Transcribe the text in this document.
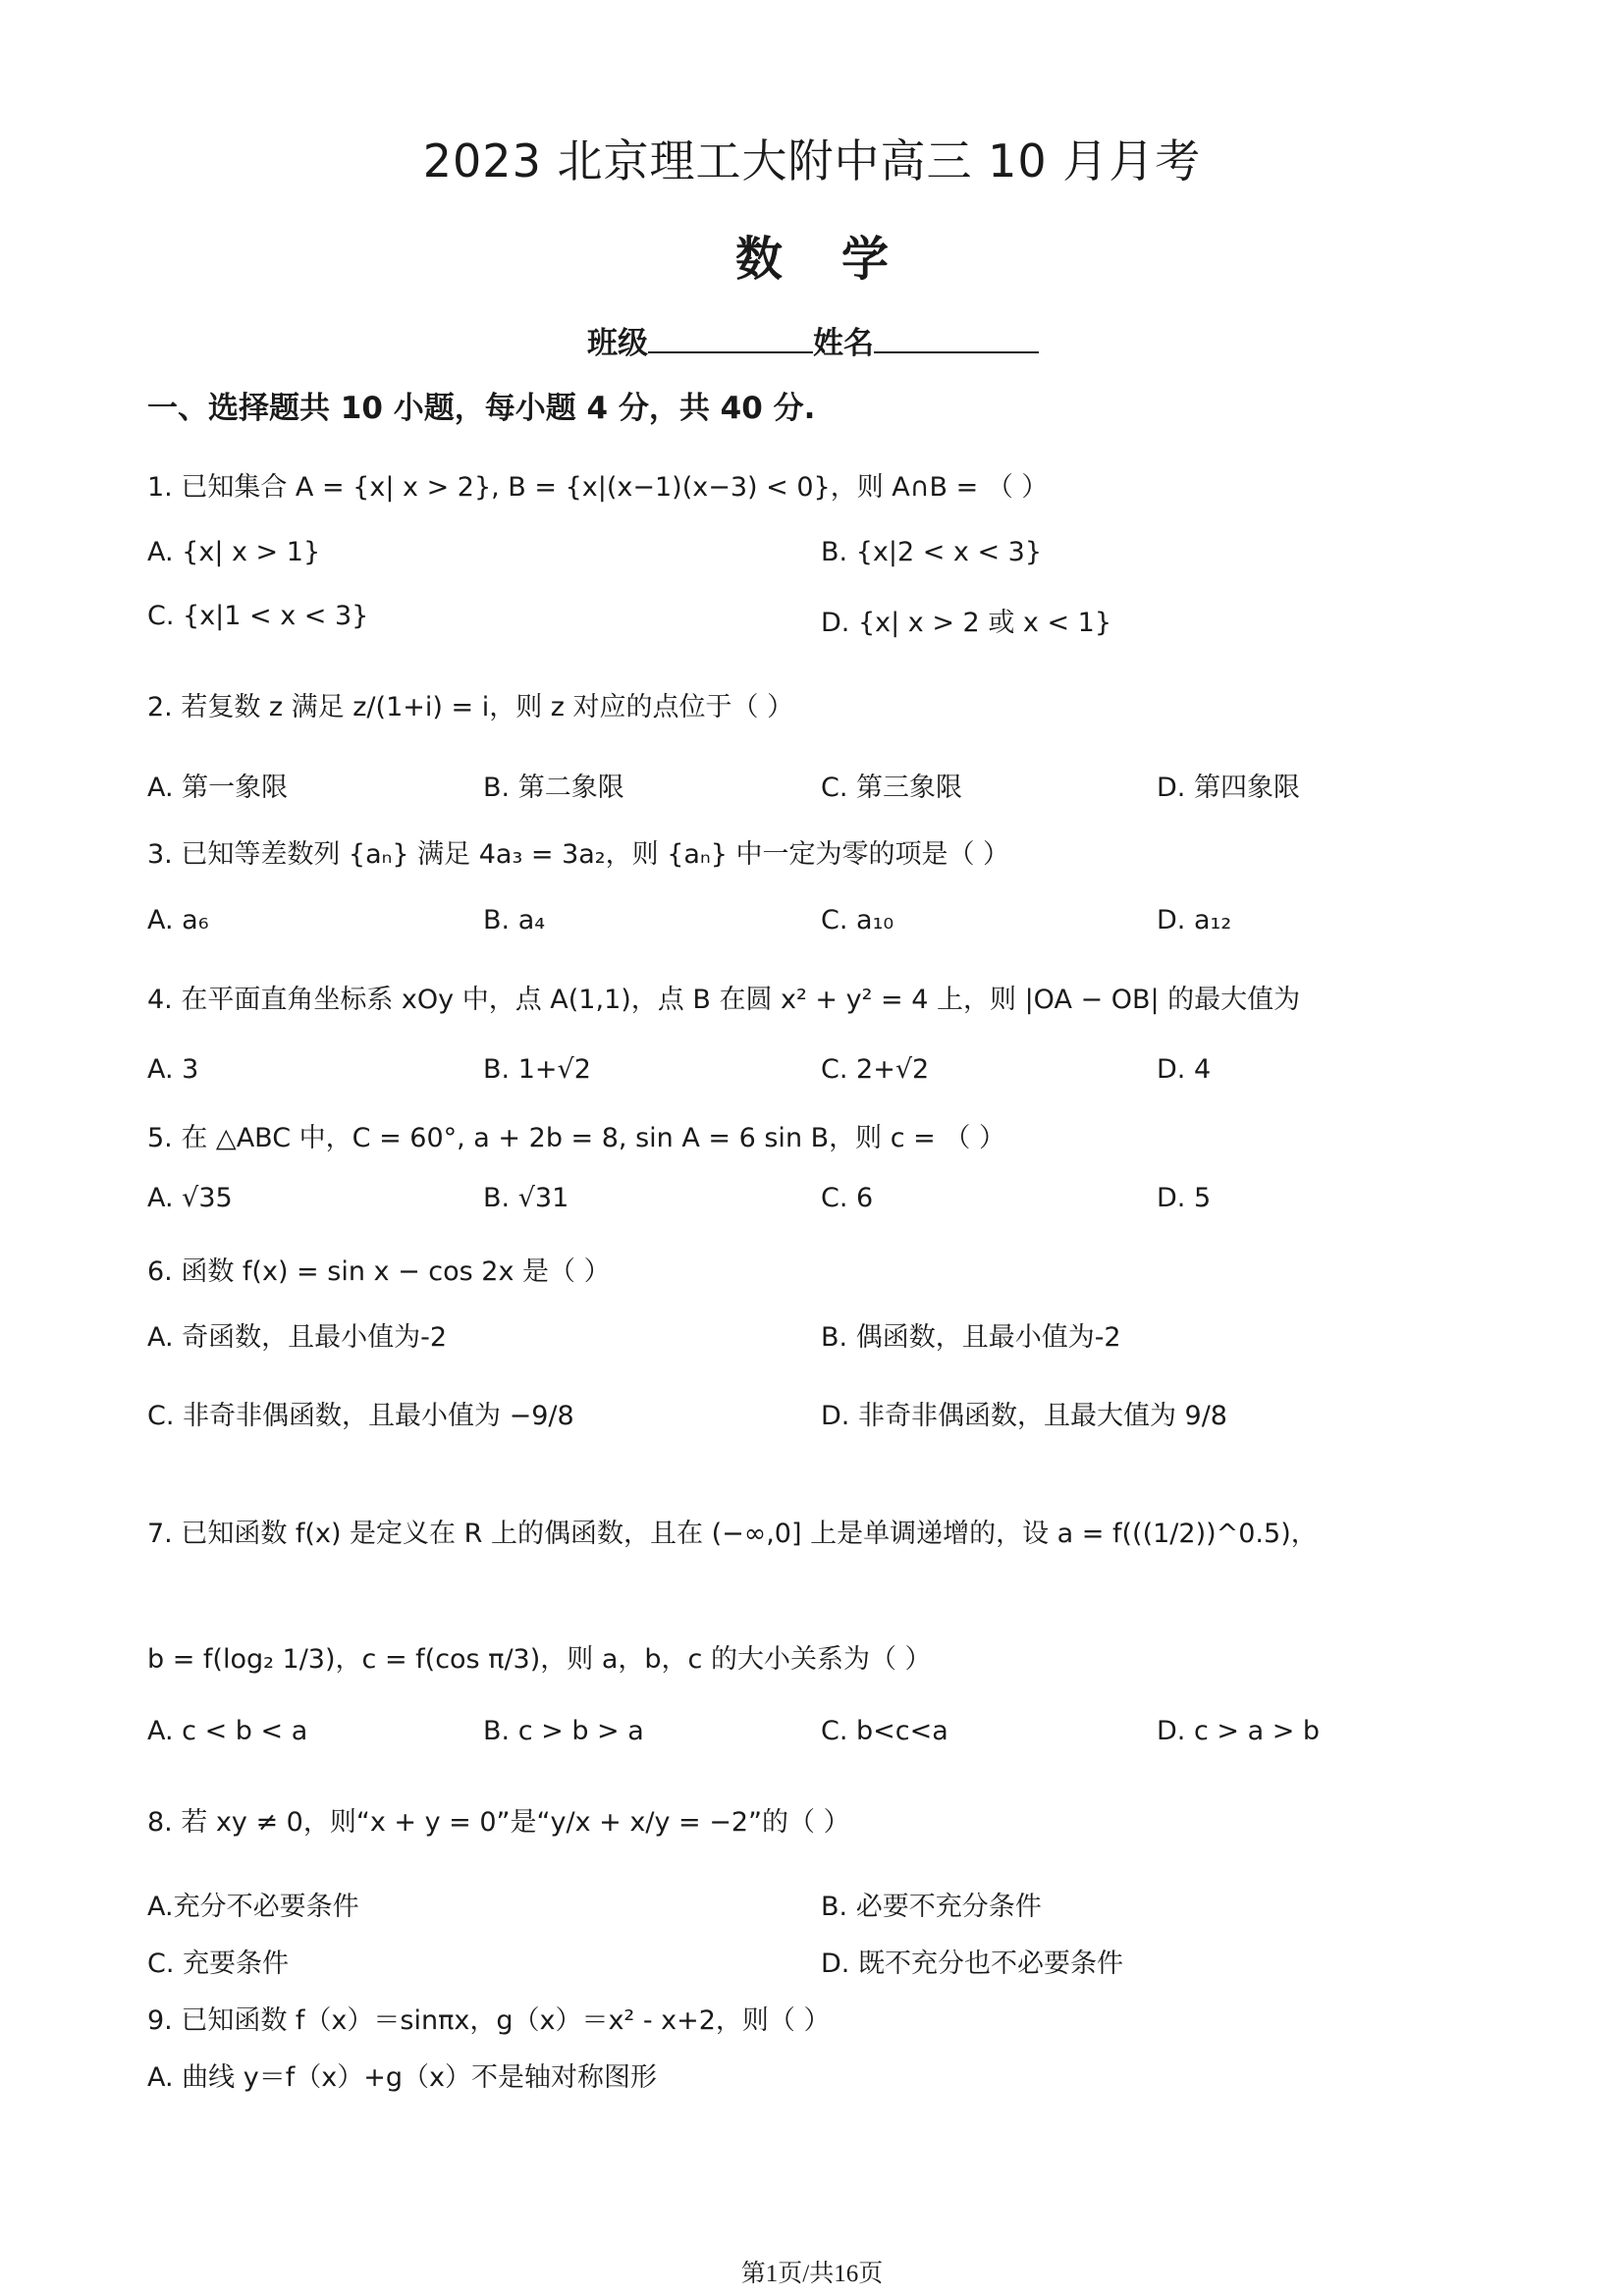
2023 北京理工大附中高三 10 月月考
数学
班级	姓名
一、选择题共 10 小题，每小题 4 分，共 40 分.
1. 已知集合 A = {x| x > 2}, B = {x|(x−1)(x−3) < 0}，则 A∩B = （ ）
A. {x| x > 1}	B. {x|2 < x < 3}
C. {x|1 < x < 3}	D. {x| x > 2 或 x < 1}
2. 若复数 z 满足 z/(1+i) = i，则 z 对应的点位于（ ）
A. 第一象限	B. 第二象限	C. 第三象限	D. 第四象限
3. 已知等差数列 {aₙ} 满足 4a₃ = 3a₂，则 {aₙ} 中一定为零的项是（ ）
A. a₆	B. a₄	C. a₁₀	D. a₁₂
4. 在平面直角坐标系 xOy 中，点 A(1,1)，点 B 在圆 x² + y² = 4 上，则 |OA − OB| 的最大值为
A. 3	B. 1+√2	C. 2+√2	D. 4
5. 在 △ABC 中，C = 60°, a + 2b = 8, sin A = 6 sin B，则 c = （ ）
A. √35	B. √31	C. 6	D. 5
6. 函数 f(x) = sin x − cos 2x 是（ ）
A. 奇函数，且最小值为-2	B. 偶函数，且最小值为-2
C. 非奇非偶函数，且最小值为 −9/8	D. 非奇非偶函数，且最大值为 9/8
7. 已知函数 f(x) 是定义在 R 上的偶函数，且在 (−∞,0] 上是单调递增的，设 a = f(((1/2))^0.5)，
b = f(log₂ 1/3)，c = f(cos π/3)，则 a，b，c 的大小关系为（ ）
A. c < b < a	B. c > b > a	C. b<c<a	D. c > a > b
8. 若 xy ≠ 0，则“x + y = 0”是“y/x + x/y = −2”的（ ）
A.充分不必要条件	B. 必要不充分条件
C. 充要条件	D. 既不充分也不必要条件
9. 已知函数 f（x）＝sinπx，g（x）＝x² - x+2，则（ ）
A. 曲线 y＝f（x）+g（x）不是轴对称图形
第1页/共16页
